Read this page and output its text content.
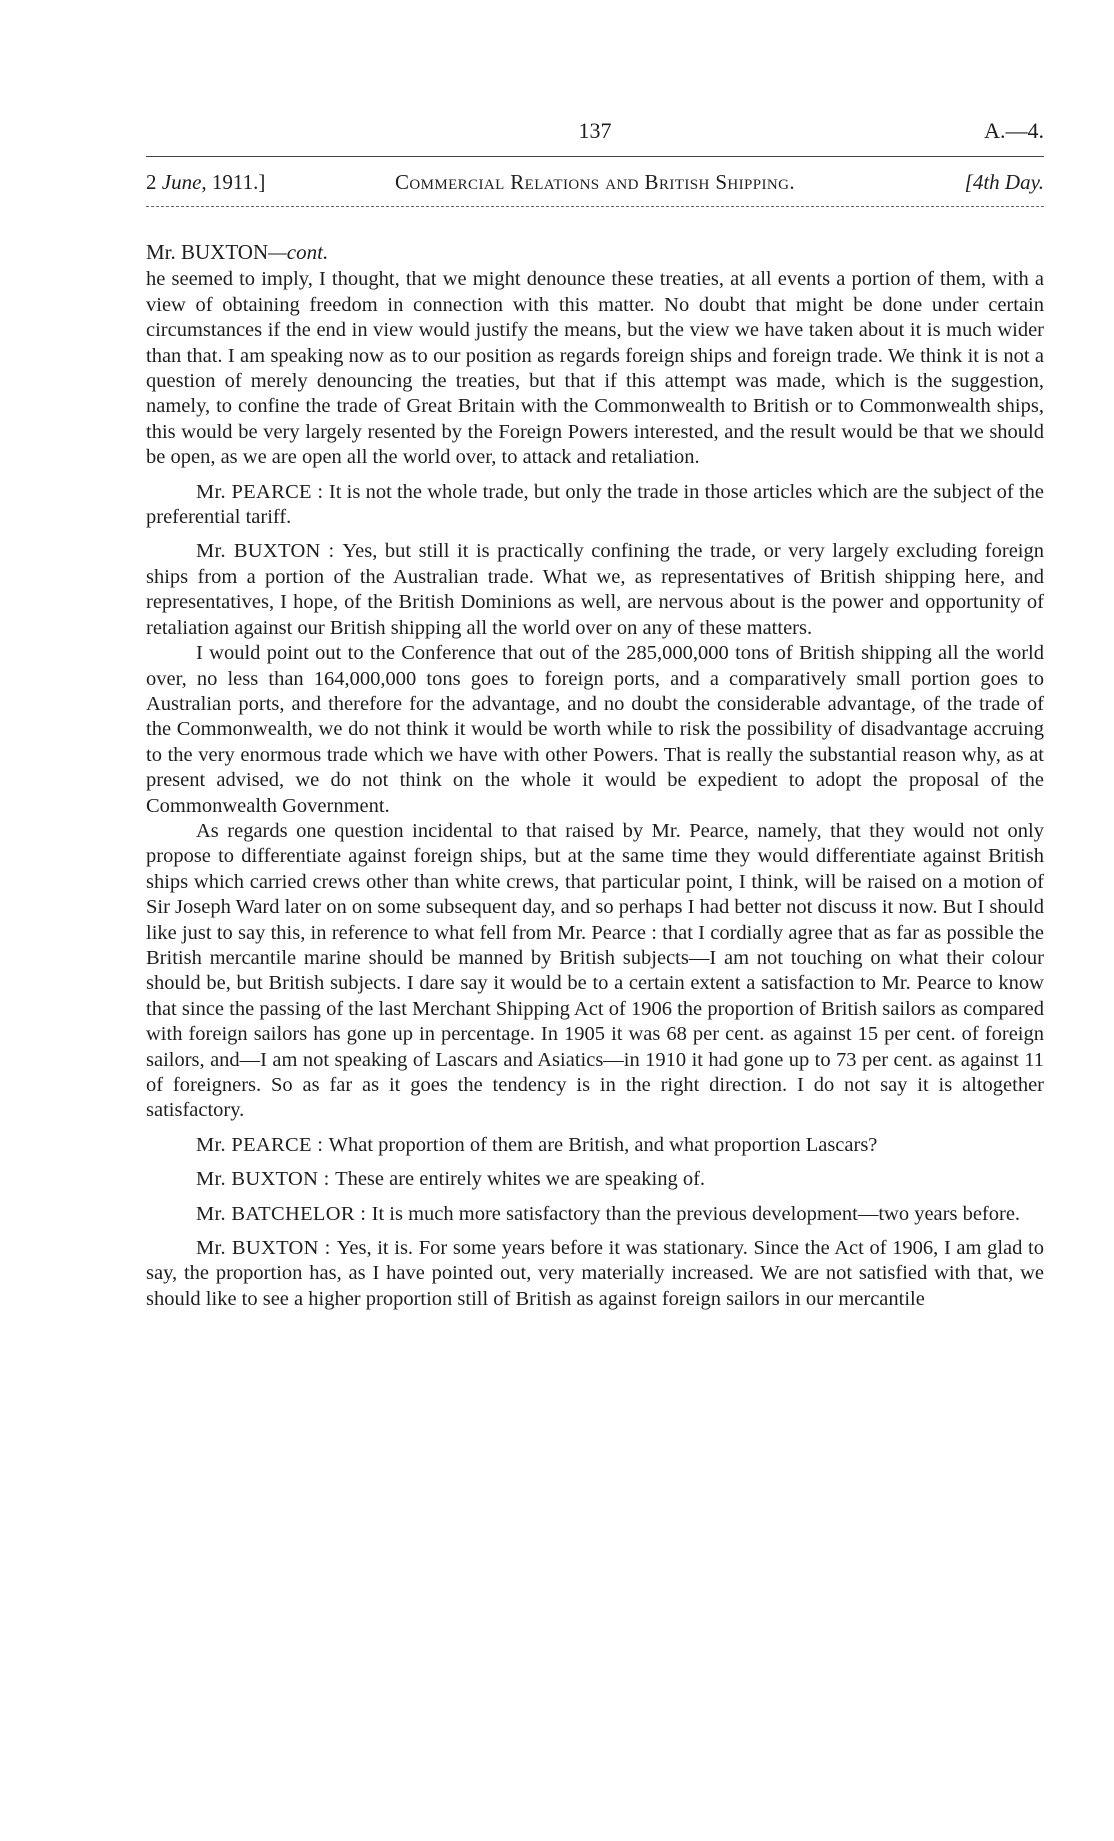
137	A.—4.
2 June, 1911.]	Commercial Relations and British Shipping.	[4th Day.
Mr. BUXTON—cont.

he seemed to imply, I thought, that we might denounce these treaties, at all events a portion of them, with a view of obtaining freedom in connection with this matter. No doubt that might be done under certain circumstances if the end in view would justify the means, but the view we have taken about it is much wider than that. I am speaking now as to our position as regards foreign ships and foreign trade. We think it is not a question of merely denouncing the treaties, but that if this attempt was made, which is the suggestion, namely, to confine the trade of Great Britain with the Commonwealth to British or to Commonwealth ships, this would be very largely resented by the Foreign Powers interested, and the result would be that we should be open, as we are open all the world over, to attack and retaliation.

Mr. PEARCE : It is not the whole trade, but only the trade in those articles which are the subject of the preferential tariff.

Mr. BUXTON : Yes, but still it is practically confining the trade, or very largely excluding foreign ships from a portion of the Australian trade. What we, as representatives of British shipping here, and representatives, I hope, of the British Dominions as well, are nervous about is the power and opportunity of retaliation against our British shipping all the world over on any of these matters.

I would point out to the Conference that out of the 285,000,000 tons of British shipping all the world over, no less than 164,000,000 tons goes to foreign ports, and a comparatively small portion goes to Australian ports, and therefore for the advantage, and no doubt the considerable advantage, of the trade of the Commonwealth, we do not think it would be worth while to risk the possibility of disadvantage accruing to the very enormous trade which we have with other Powers. That is really the substantial reason why, as at present advised, we do not think on the whole it would be expedient to adopt the proposal of the Commonwealth Government.

As regards one question incidental to that raised by Mr. Pearce, namely, that they would not only propose to differentiate against foreign ships, but at the same time they would differentiate against British ships which carried crews other than white crews, that particular point, I think, will be raised on a motion of Sir Joseph Ward later on on some subsequent day, and so perhaps I had better not discuss it now. But I should like just to say this, in reference to what fell from Mr. Pearce : that I cordially agree that as far as possible the British mercantile marine should be manned by British subjects—I am not touching on what their colour should be, but British subjects. I dare say it would be to a certain extent a satisfaction to Mr. Pearce to know that since the passing of the last Merchant Shipping Act of 1906 the proportion of British sailors as compared with foreign sailors has gone up in percentage. In 1905 it was 68 per cent. as against 15 per cent. of foreign sailors, and—I am not speaking of Lascars and Asiatics—in 1910 it had gone up to 73 per cent. as against 11 of foreigners. So as far as it goes the tendency is in the right direction. I do not say it is altogether satisfactory.

Mr. PEARCE : What proportion of them are British, and what proportion Lascars?

Mr. BUXTON : These are entirely whites we are speaking of.

Mr. BATCHELOR : It is much more satisfactory than the previous development—two years before.

Mr. BUXTON : Yes, it is. For some years before it was stationary. Since the Act of 1906, I am glad to say, the proportion has, as I have pointed out, very materially increased. We are not satisfied with that, we should like to see a higher proportion still of British as against foreign sailors in our mercantile
